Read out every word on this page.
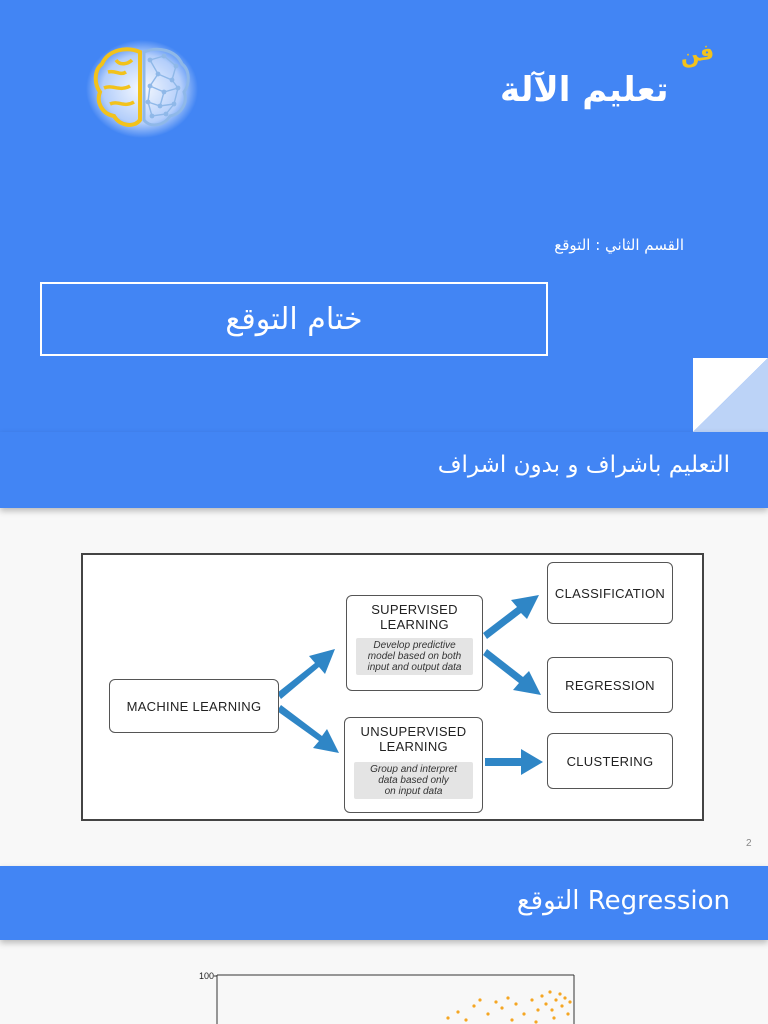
تعليم الآلة
فن
القسم الثاني : التوقع
ختام التوقع
التعليم باشراف و بدون اشراف
MACHINE LEARNING
SUPERVISED
LEARNING
Develop predictive
model based on both
input and output data
UNSUPERVISED
LEARNING
Group and interpret
data based only
on input data
CLASSIFICATION
REGRESSION
CLUSTERING
2
Regression التوقع
100
